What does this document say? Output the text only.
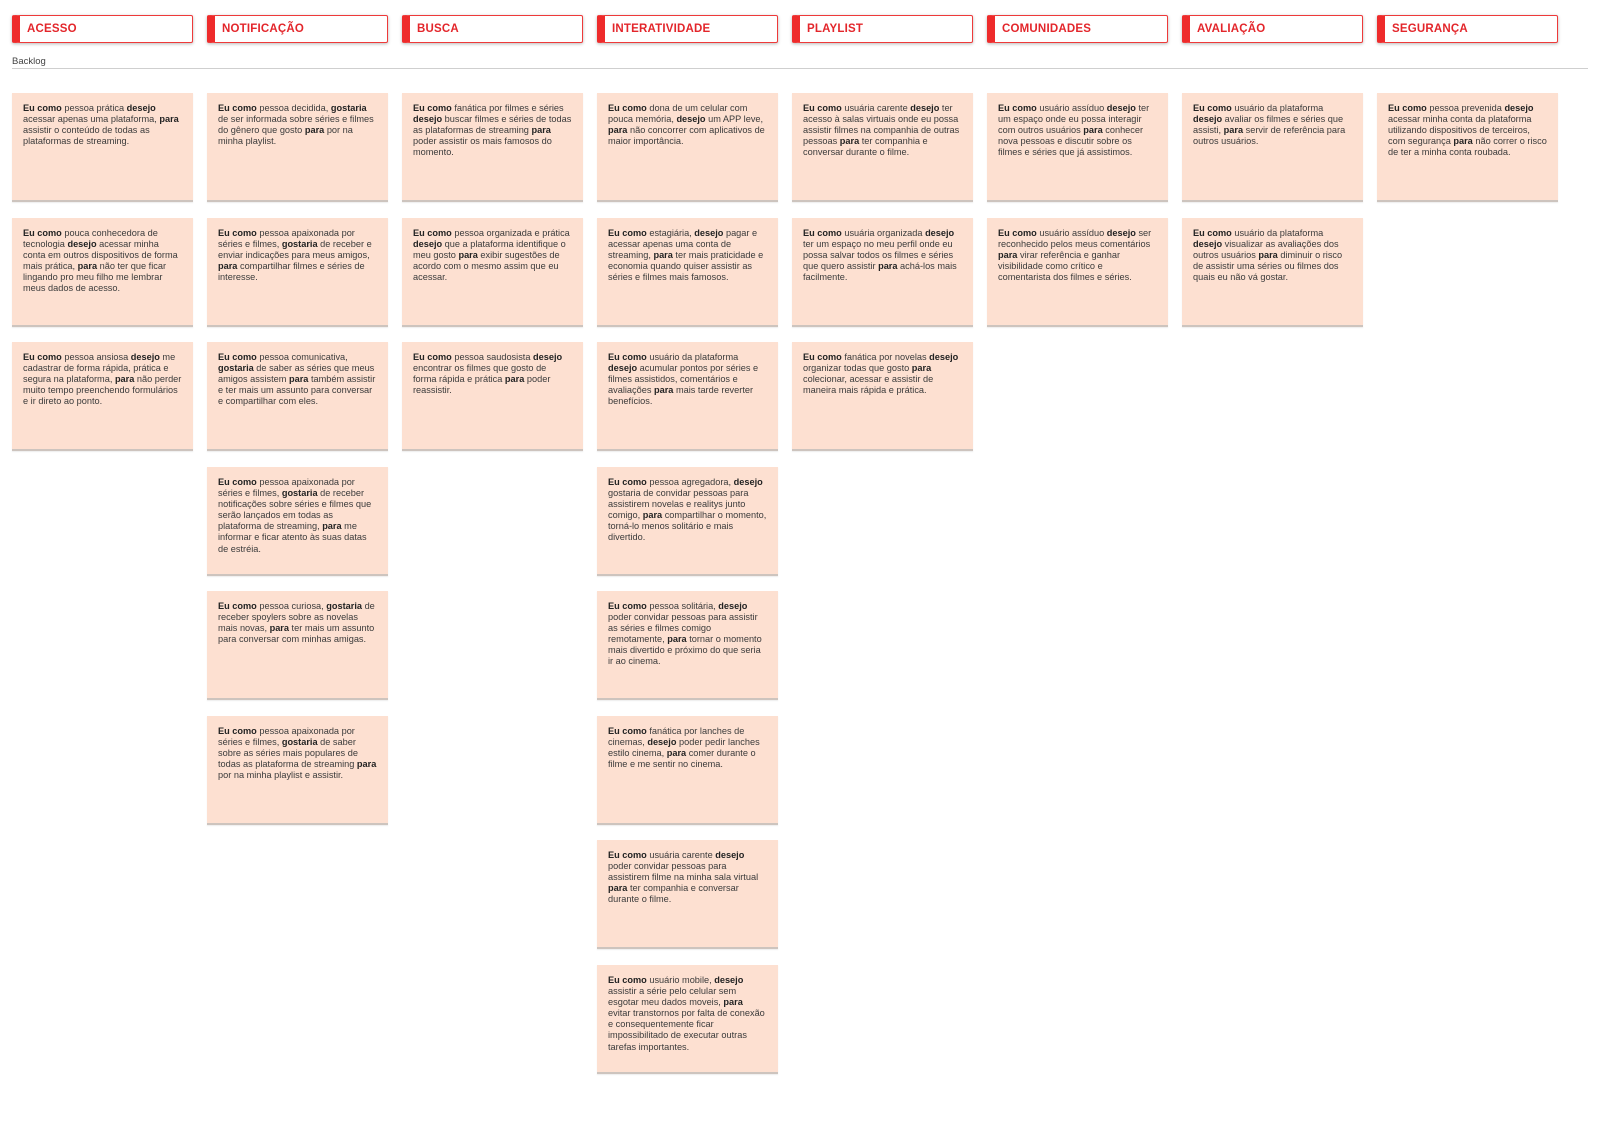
ACESSO	NOTIFICAÇÃO	BUSCA	INTERATIVIDADE	PLAYLIST	COMUNIDADES	AVALIAÇÃO	SEGURANÇA
Backlog
Eu como pessoa prática desejo acessar apenas uma plataforma, para assistir o conteúdo de todas as plataformas de streaming.
Eu como pouca conhecedora de tecnologia desejo acessar minha conta em outros dispositivos de forma mais prática, para não ter que ficar lingando pro meu filho me lembrar meus dados de acesso.
Eu como pessoa ansiosa desejo me cadastrar de forma rápida, prática e segura na plataforma, para não perder muito tempo preenchendo formulários e ir direto ao ponto.
Eu como pessoa decidida, gostaria de ser informada sobre séries e filmes do gênero que gosto para por na minha playlist.
Eu como pessoa apaixonada por séries e filmes, gostaria de receber e enviar indicações para meus amigos, para compartilhar filmes e séries de interesse.
Eu como pessoa comunicativa, gostaria de saber as séries que meus amigos assistem para também assistir e ter mais um assunto para conversar e compartilhar com eles.
Eu como pessoa apaixonada por séries e filmes, gostaria de receber notificações sobre séries e filmes que serão lançados em todas as plataforma de streaming, para me informar e ficar atento às suas datas de estréia.
Eu como pessoa curiosa, gostaria de receber spoylers sobre as novelas mais novas, para ter mais um assunto para conversar com minhas amigas.
Eu como pessoa apaixonada por séries e filmes, gostaria de saber sobre as séries mais populares de todas as plataforma de streaming para por na minha playlist e assistir.
Eu como fanática por filmes e séries desejo buscar filmes e séries de todas as plataformas de streaming para poder assistir os mais famosos do momento.
Eu como pessoa organizada e prática desejo que a plataforma identifique o meu gosto para exibir sugestões de acordo com o mesmo assim que eu acessar.
Eu como pessoa saudosista desejo encontrar os filmes que gosto de forma rápida e prática para poder reassistir.
Eu como dona de um celular com pouca memória, desejo um APP leve, para não concorrer com aplicativos de maior importância.
Eu como estagiária, desejo pagar e acessar apenas uma conta de streaming, para ter mais praticidade e economia quando quiser assistir as séries e filmes mais famosos.
Eu como usuário da plataforma desejo acumular pontos por séries e filmes assistidos, comentários e avaliações para mais tarde reverter benefícios.
Eu como pessoa agregadora, desejo gostaria de convidar pessoas para assistirem novelas e realitys junto comigo, para compartilhar o momento, torná-lo menos solitário e mais divertido.
Eu como pessoa solitária, desejo poder convidar pessoas para assistir as séries e filmes comigo remotamente, para tornar o momento mais divertido e próximo do que seria ir ao cinema.
Eu como fanática por lanches de cinemas, desejo poder pedir lanches estilo cinema, para comer durante o filme e me sentir no cinema.
Eu como usuária carente desejo poder convidar pessoas para assistirem filme na minha sala virtual para ter companhia e conversar durante o filme.
Eu como usuário mobile, desejo assistir a série pelo celular sem esgotar meu dados moveis, para evitar transtornos por falta de conexão e consequentemente ficar impossibilitado de executar outras tarefas importantes.
Eu como usuária carente desejo ter acesso à salas virtuais onde eu possa assistir filmes na companhia de outras pessoas para ter companhia e conversar durante o filme.
Eu como usuária organizada desejo ter um espaço no meu perfil onde eu possa salvar todos os filmes e séries que quero assistir para achá-los mais facilmente.
Eu como fanática por novelas desejo organizar todas que gosto para colecionar, acessar e assistir de maneira mais rápida e prática.
Eu como usuário assíduo desejo ter um espaço onde eu possa interagir com outros usuários para conhecer nova pessoas e discutir sobre os filmes e séries que já assistimos.
Eu como usuário assíduo desejo ser reconhecido pelos meus comentários para virar referência e ganhar visibilidade como crítico e comentarista dos filmes e séries.
Eu como usuário da plataforma desejo avaliar os filmes e séries que assisti, para servir de referência para outros usuários.
Eu como usuário da plataforma desejo visualizar as avaliações dos outros usuários para diminuir o risco de assistir uma séries ou filmes dos quais eu não vá gostar.
Eu como pessoa prevenida desejo acessar minha conta da plataforma utilizando dispositivos de terceiros, com segurança para não correr o risco de ter a minha conta roubada.
